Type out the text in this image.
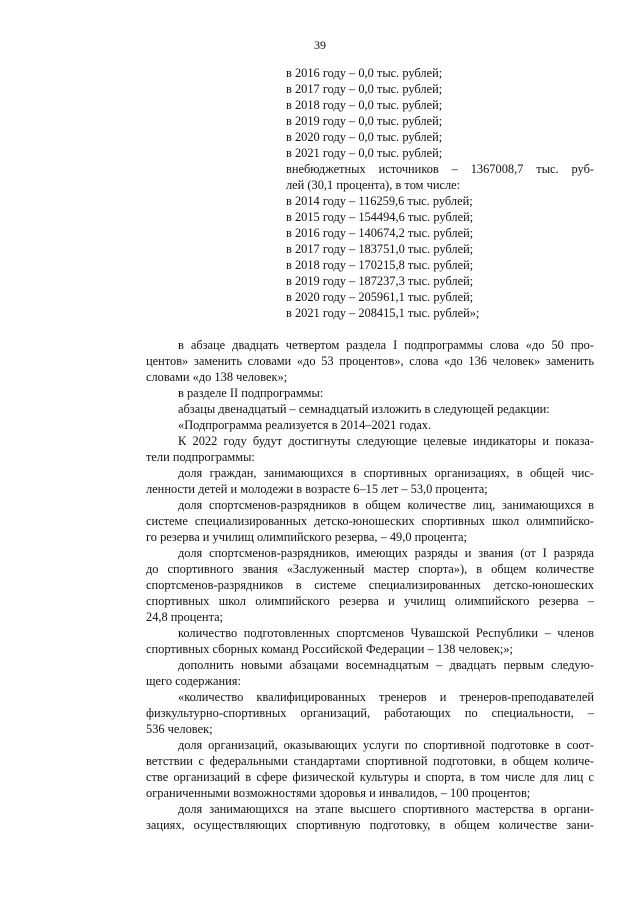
39
в 2016 году – 0,0 тыс. рублей;
в 2017 году – 0,0 тыс. рублей;
в 2018 году – 0,0 тыс. рублей;
в 2019 году – 0,0 тыс. рублей;
в 2020 году – 0,0 тыс. рублей;
в 2021 году – 0,0 тыс. рублей;
внебюджетных источников – 1367008,7 тыс. руб-
лей (30,1 процента), в том числе:
в 2014 году – 116259,6 тыс. рублей;
в 2015 году – 154494,6 тыс. рублей;
в 2016 году – 140674,2 тыс. рублей;
в 2017 году – 183751,0 тыс. рублей;
в 2018 году – 170215,8 тыс. рублей;
в 2019 году – 187237,3 тыс. рублей;
в 2020 году – 205961,1 тыс. рублей;
в 2021 году – 208415,1 тыс. рублей»;
в абзаце двадцать четвертом раздела I подпрограммы слова «до 50 про-
центов» заменить словами «до 53 процентов», слова «до 136 человек» заменить
словами «до 138 человек»;
в разделе II подпрограммы:
абзацы двенадцатый – семнадцатый изложить в следующей редакции:
«Подпрограмма реализуется в 2014–2021 годах.
К 2022 году будут достигнуты следующие целевые индикаторы и показа-
тели подпрограммы:
доля граждан, занимающихся в спортивных организациях, в общей чис-
ленности детей и молодежи в возрасте 6–15 лет – 53,0 процента;
доля спортсменов-разрядников в общем количестве лиц, занимающихся в
системе специализированных детско-юношеских спортивных школ олимпийско-
го резерва и училищ олимпийского резерва, – 49,0 процента;
доля спортсменов-разрядников, имеющих разряды и звания (от I разряда
до спортивного звания «Заслуженный мастер спорта»), в общем количестве
спортсменов-разрядников в системе специализированных детско-юношеских
спортивных школ олимпийского резерва и училищ олимпийского резерва –
24,8 процента;
количество подготовленных спортсменов Чувашской Республики – членов
спортивных сборных команд Российской Федерации – 138 человек;»;
дополнить новыми абзацами восемнадцатым – двадцать первым следую-
щего содержания:
«количество квалифицированных тренеров и тренеров-преподавателей
физкультурно-спортивных организаций, работающих по специальности, –
536 человек;
доля организаций, оказывающих услуги по спортивной подготовке в соот-
ветствии с федеральными стандартами спортивной подготовки, в общем количе-
стве организаций в сфере физической культуры и спорта, в том числе для лиц с
ограниченными возможностями здоровья и инвалидов, – 100 процентов;
доля занимающихся на этапе высшего спортивного мастерства в органи-
зациях, осуществляющих спортивную подготовку, в общем количестве зани-
